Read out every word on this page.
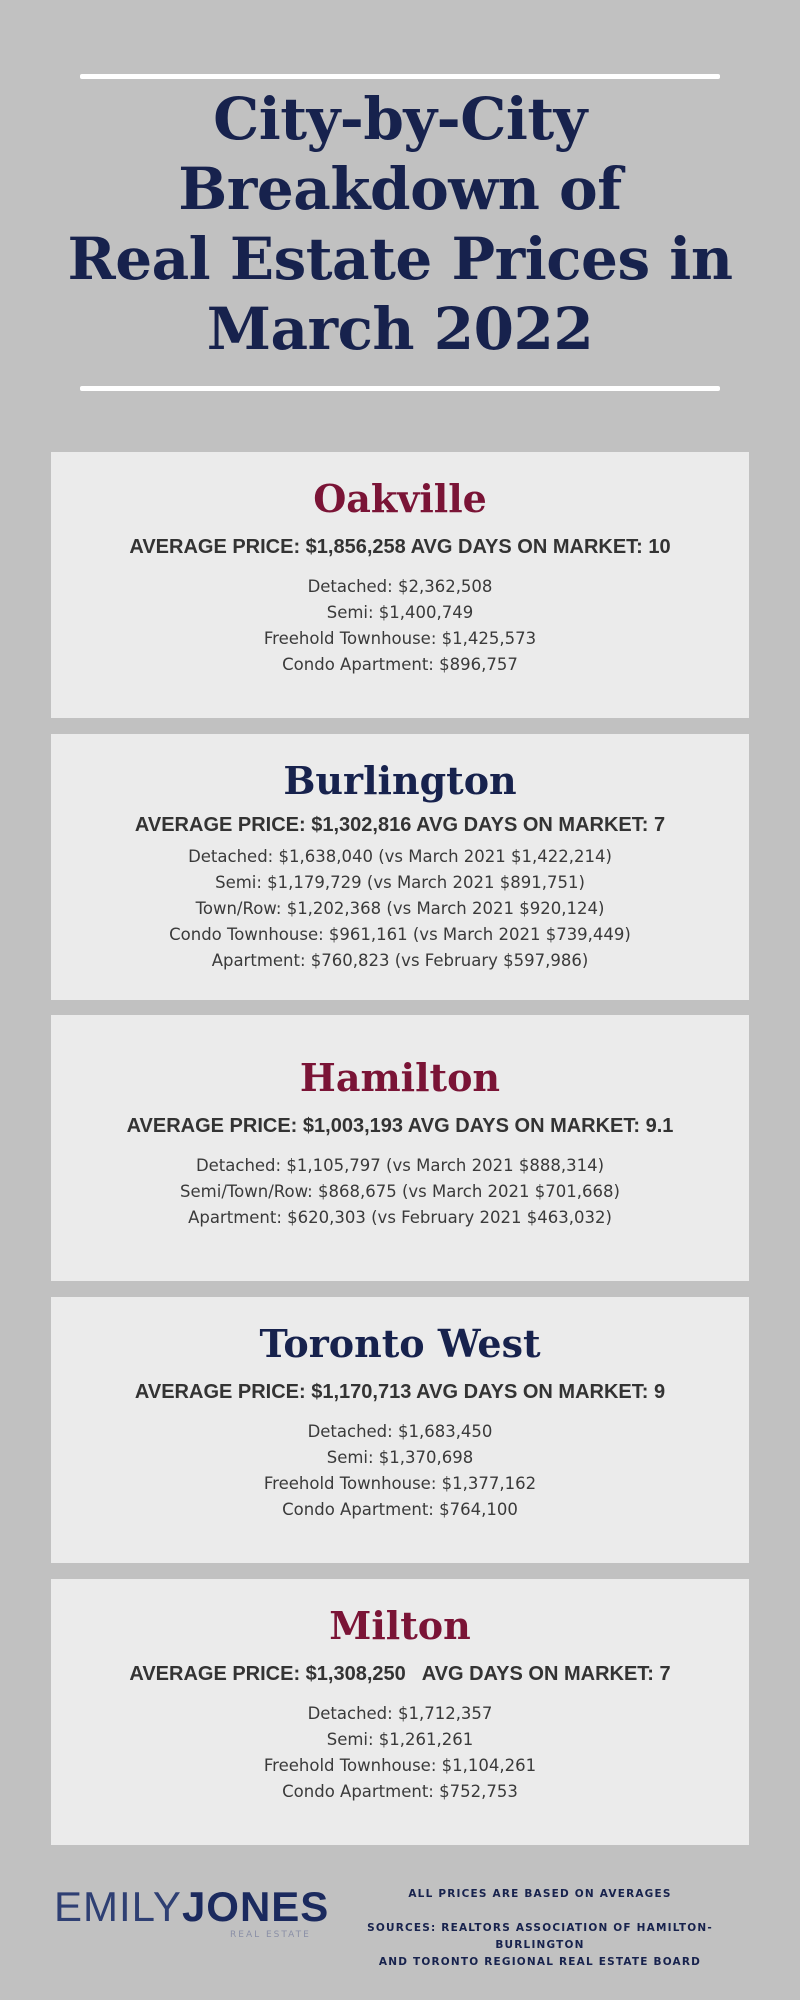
City-by-City
Breakdown of
Real Estate Prices in
March 2022
Oakville
AVERAGE PRICE: $1,856,258 AVG DAYS ON MARKET: 10
Detached: $2,362,508
Semi: $1,400,749
Freehold Townhouse: $1,425,573
Condo Apartment: $896,757
Burlington
AVERAGE PRICE: $1,302,816 AVG DAYS ON MARKET: 7
Detached: $1,638,040 (vs March 2021 $1,422,214)
Semi: $1,179,729 (vs March 2021 $891,751)
Town/Row: $1,202,368 (vs March 2021 $920,124)
Condo Townhouse: $961,161 (vs March 2021 $739,449)
Apartment: $760,823 (vs February $597,986)
Hamilton
AVERAGE PRICE: $1,003,193 AVG DAYS ON MARKET: 9.1
Detached: $1,105,797 (vs March 2021 $888,314)
Semi/Town/Row: $868,675 (vs March 2021 $701,668)
Apartment: $620,303 (vs February 2021 $463,032)
Toronto West
AVERAGE PRICE: $1,170,713 AVG DAYS ON MARKET: 9
Detached: $1,683,450
Semi: $1,370,698
Freehold Townhouse: $1,377,162
Condo Apartment: $764,100
Milton
AVERAGE PRICE: $1,308,250   AVG DAYS ON MARKET: 7
Detached: $1,712,357
Semi: $1,261,261
Freehold Townhouse: $1,104,261
Condo Apartment: $752,753
EMILYJONES
REAL ESTATE
ALL PRICES ARE BASED ON AVERAGES
SOURCES: REALTORS ASSOCIATION OF HAMILTON-BURLINGTON
AND TORONTO REGIONAL REAL ESTATE BOARD
